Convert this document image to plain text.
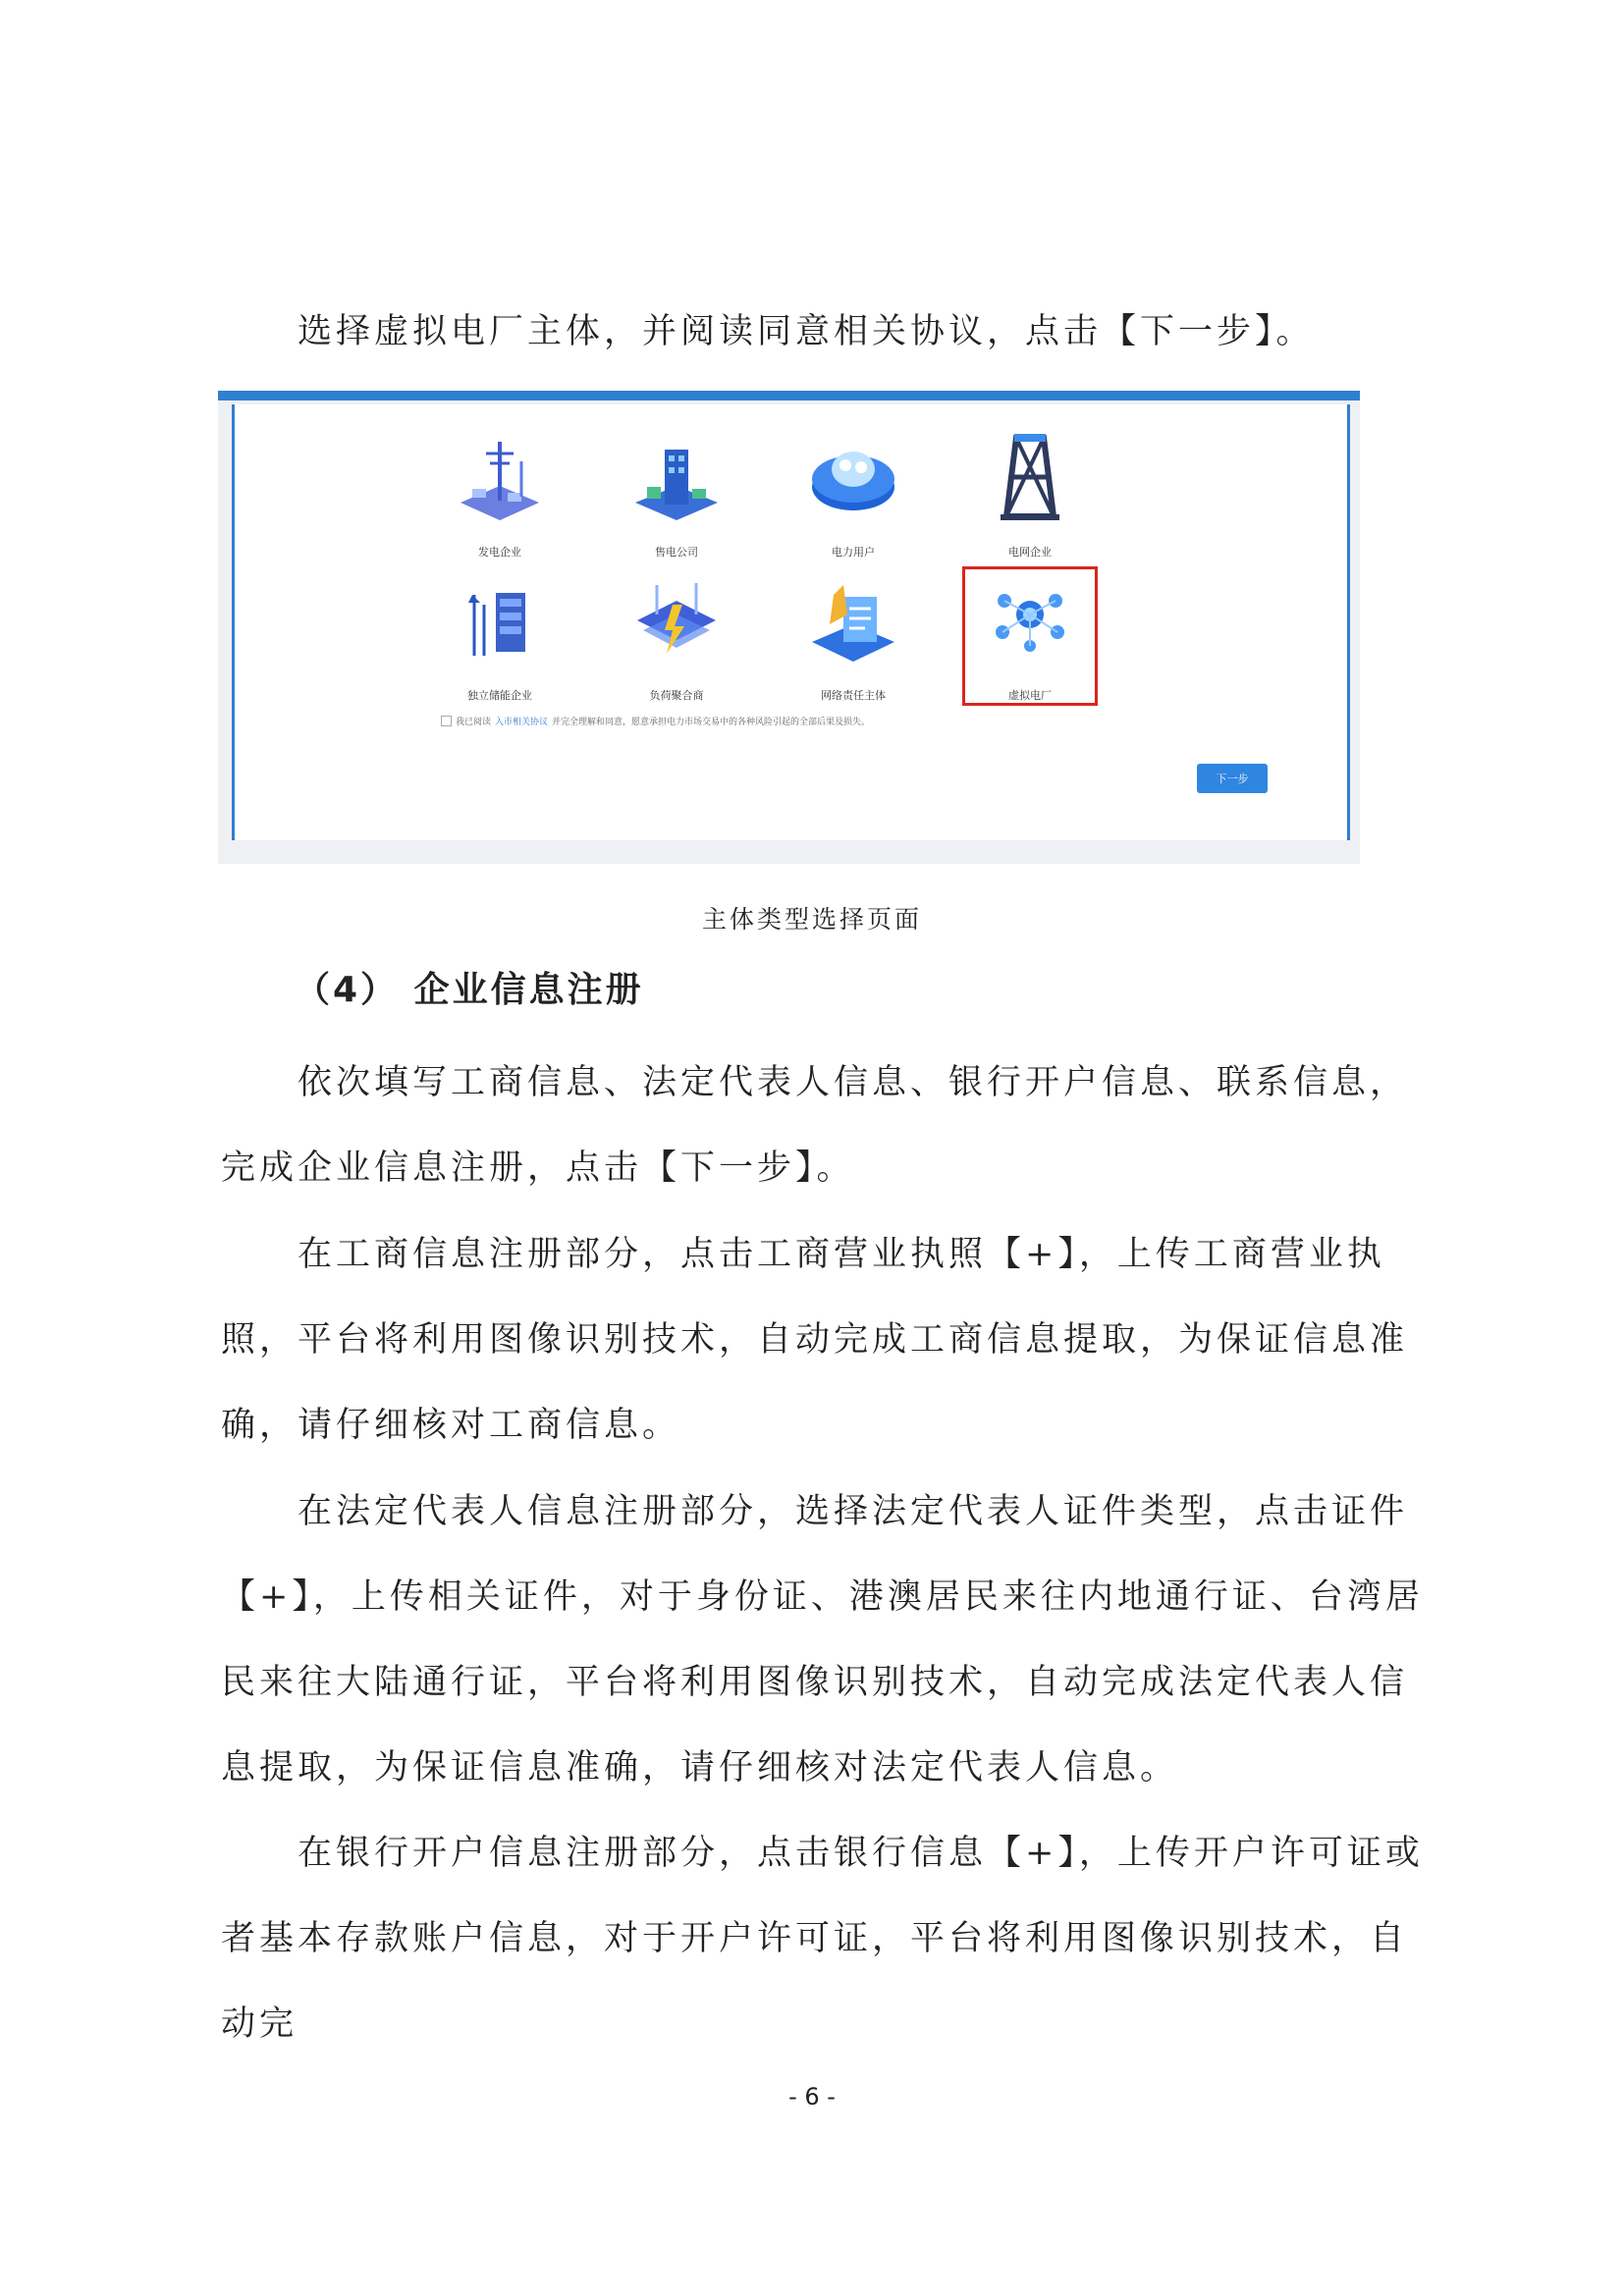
选择虚拟电厂主体，并阅读同意相关协议，点击【下一步】。

发电企业	售电公司	电力用户	电网企业
独立储能企业	负荷聚合商	网络责任主体	虚拟电厂
我已阅读 入市相关协议 并完全理解和同意，愿意承担电力市场交易中的各种风险引起的全部后果及损失。
下一步
主体类型选择页面
（4） 企业信息注册

依次填写工商信息、法定代表人信息、银行开户信息、联系信息，完成企业信息注册，点击【下一步】。

在工商信息注册部分，点击工商营业执照【+】，上传工商营业执照，平台将利用图像识别技术，自动完成工商信息提取，为保证信息准确，请仔细核对工商信息。

在法定代表人信息注册部分，选择法定代表人证件类型，点击证件【+】，上传相关证件，对于身份证、港澳居民来往内地通行证、台湾居民来往大陆通行证，平台将利用图像识别技术，自动完成法定代表人信息提取，为保证信息准确，请仔细核对法定代表人信息。

在银行开户信息注册部分，点击银行信息【+】，上传开户许可证或者基本存款账户信息，对于开户许可证，平台将利用图像识别技术，自动完

- 6 -
